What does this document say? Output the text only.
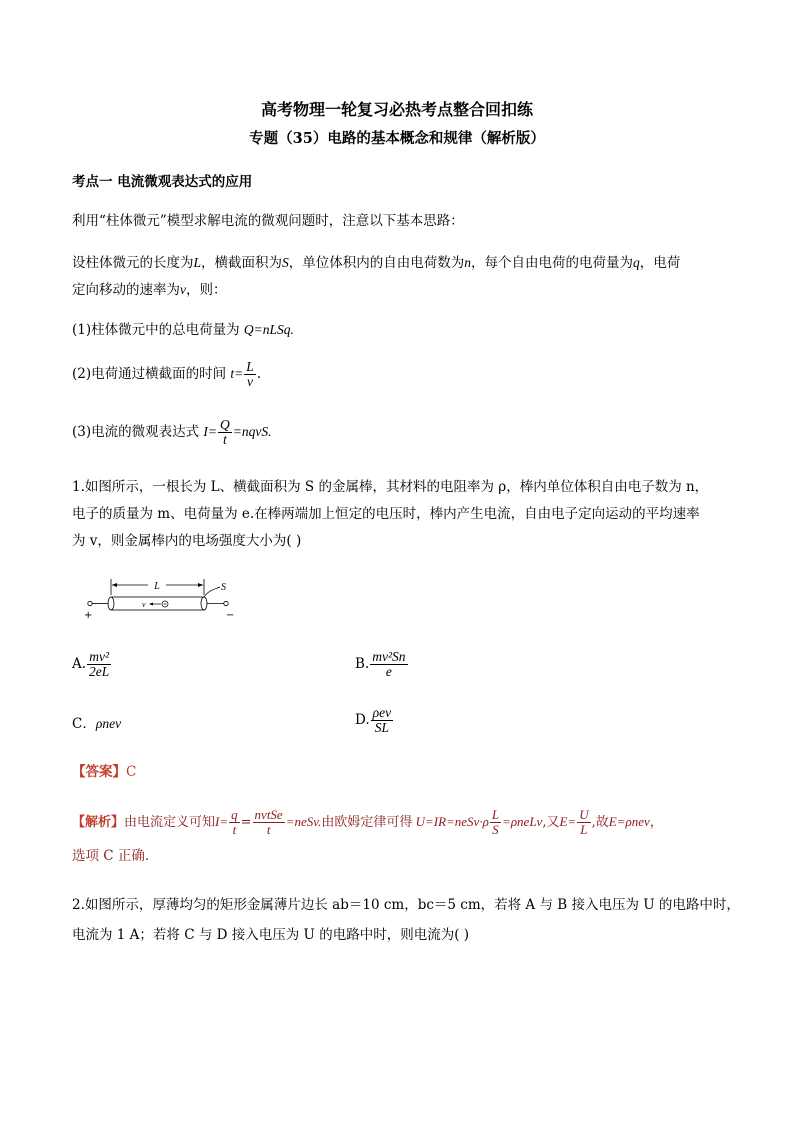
高考物理一轮复习必热考点整合回扣练
专题（35）电路的基本概念和规律（解析版）
考点一 电流微观表达式的应用
利用“柱体微元”模型求解电流的微观问题时，注意以下基本思路：
设柱体微元的长度为L，横截面积为S，单位体积内的自由电荷数为n，每个自由电荷的电荷量为q，电荷
定向移动的速率为v，则：
(1)柱体微元中的总电荷量为 Q=nLSq.
(2)电荷通过横截面的时间 $t= \frac{L}{v}$ .
(3)电流的微观表达式 $I= \frac{Q}{t}$ =nqvS.
1.如图所示，一根长为 L、横截面积为 S 的金属棒，其材料的电阻率为 ρ，棒内单位体积自由电子数为 n，
电子的质量为 m、电荷量为 e.在棒两端加上恒定的电压时，棒内产生电流，自由电子定向运动的平均速率
为 v，则金属棒内的电场强度大小为( )
L
+	−
v
S
A. $\frac{\text{mv²}}{2eL}$	B. $\frac{\text{mv²Sn}}{e}$
C．ρnev	D. $\frac{\text{ρev}}{SL}$
【答案】C
【解析】由电流定义可知$I= \frac{q}{t} = \frac{\text{nvtSe}}{t}$ =neSv.由欧姆定律可得 U=IR=neSv·ρ $\frac{L}{S}$ =ρneLv,又$E= \frac{U}{L}$ ,故E=ρnev，
选项 C 正确.
2.如图所示，厚薄均匀的矩形金属薄片边长 ab＝10 cm，bc＝5 cm，若将 A 与 B 接入电压为 U 的电路中时，
电流为 1 A；若将 C 与 D 接入电压为 U 的电路中时，则电流为( )
